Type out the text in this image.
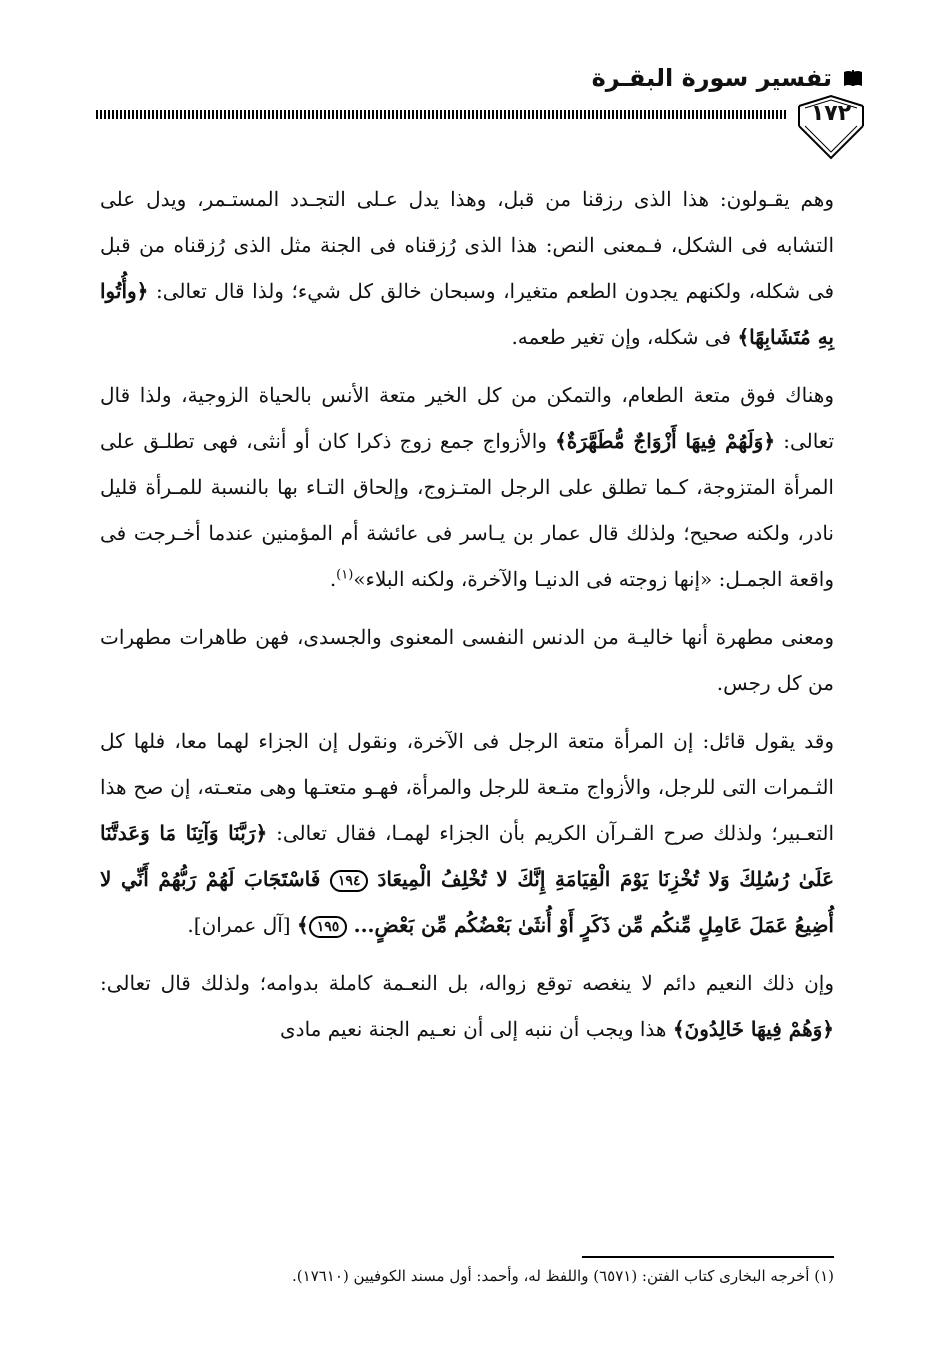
تفسير سورة البقـرة
١٧٢

وهم يقـولون: هذا الذى رزقنا من قبل، وهذا يدل عـلى التجـدد المستـمر، ويدل على التشابه فى الشكل، فـمعنى النص: هذا الذى رُزقناه فى الجنة مثل الذى رُزقناه من قبل فى شكله، ولكنهم يجدون الطعم متغيرا، وسبحان خالق كل شيء؛ ولذا قال تعالى: ﴿وأُتُوا بِهِ مُتَشَابِهًا﴾ فى شكله، وإن تغير طعمه.

وهناك فوق متعة الطعام، والتمكن من كل الخير متعة الأنس بالحياة الزوجية، ولذا قال تعالى: ﴿وَلَهُمْ فِيهَا أَزْوَاجٌ مُّطَهَّرَةٌ﴾ والأزواج جمع زوج ذكرا كان أو أنثى، فهى تطلـق على المرأة المتزوجة، كـما تطلق على الرجل المتـزوج، وإلحاق التـاء بها بالنسبة للمـرأة قليل نادر، ولكنه صحيح؛ ولذلك قال عمار بن يـاسر فى عائشة أم المؤمنين عندما أخـرجت فى واقعة الجمـل: «إنها زوجته فى الدنيـا والآخرة، ولكنه البلاء»$^{(١)}$.

ومعنى مطهرة أنها خاليـة من الدنس النفسى المعنوى والجسدى، فهن طاهرات مطهرات من كل رجس.

وقد يقول قائل: إن المرأة متعة الرجل فى الآخرة، ونقول إن الجزاء لهما معا، فلها كل الثـمرات التى للرجل، والأزواج متـعة للرجل والمرأة، فهـو متعتـها وهى متعـته، إن صح هذا التعـبير؛ ولذلك صرح القـرآن الكريم بأن الجزاء لهمـا، فقال تعالى: ﴿رَبَّنَا وَآتِنَا مَا وَعَدتَّنَا عَلَىٰ رُسُلِكَ وَلا تُخْزِنَا يَوْمَ الْقِيَامَةِ إِنَّكَ لا تُخْلِفُ الْمِيعَادَ ١٩٤ فَاسْتَجَابَ لَهُمْ رَبُّهُمْ أَنِّي لا أُضِيعُ عَمَلَ عَامِلٍ مِّنكُم مِّن ذَكَرٍ أَوْ أُنثَىٰ بَعْضُكُم مِّن بَعْضٍ... ١٩٥﴾ [آل عمران].

وإن ذلك النعيم دائم لا ينغصه توقع زواله، بل النعـمة كاملة بدوامه؛ ولذلك قال تعالى: ﴿وَهُمْ فِيهَا خَالِدُونَ﴾ هذا ويجب أن ننبه إلى أن نعـيم الجنة نعيم مادى

(١) أخرجه البخارى كتاب الفتن: (٦٥٧١) واللفظ له، وأحمد: أول مسند الكوفيين (١٧٦١٠).
